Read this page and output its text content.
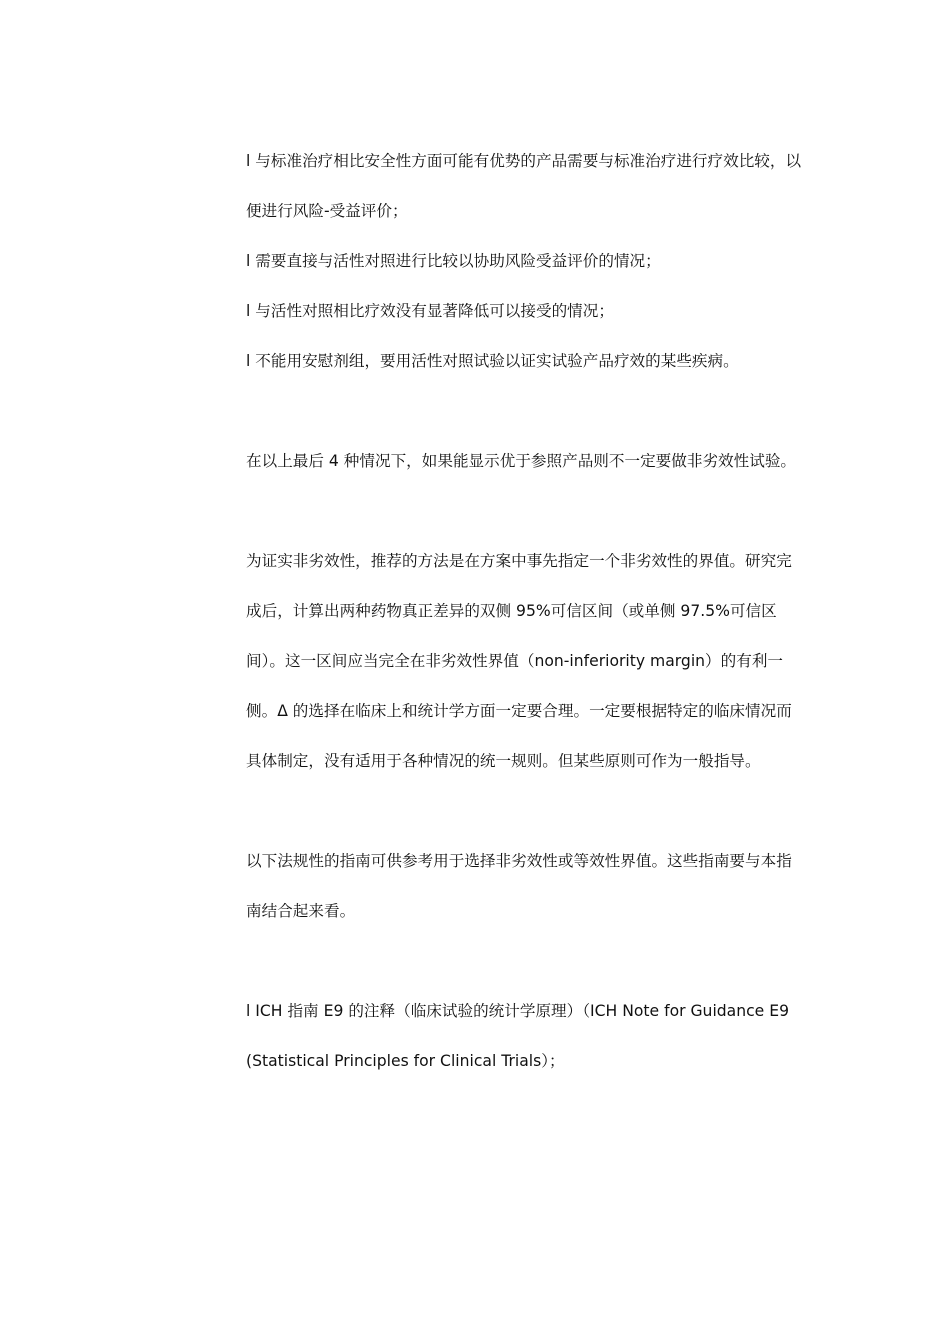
l 与标准治疗相比安全性方面可能有优势的产品需要与标准治疗进行疗效比较，以便进行风险-受益评价；

l 需要直接与活性对照进行比较以协助风险受益评价的情况；

l 与活性对照相比疗效没有显著降低可以接受的情况；

l 不能用安慰剂组，要用活性对照试验以证实试验产品疗效的某些疾病。

在以上最后 4 种情况下，如果能显示优于参照产品则不一定要做非劣效性试验。

为证实非劣效性，推荐的方法是在方案中事先指定一个非劣效性的界值。研究完成后，计算出两种药物真正差异的双侧 95%可信区间（或单侧 97.5%可信区间）。这一区间应当完全在非劣效性界值（non-inferiority margin）的有利一侧。Δ 的选择在临床上和统计学方面一定要合理。一定要根据特定的临床情况而具体制定，没有适用于各种情况的统一规则。但某些原则可作为一般指导。

以下法规性的指南可供参考用于选择非劣效性或等效性界值。这些指南要与本指南结合起来看。

l ICH 指南 E9 的注释（临床试验的统计学原理）（ICH Note for Guidance E9 (Statistical Principles for Clinical Trials）；
